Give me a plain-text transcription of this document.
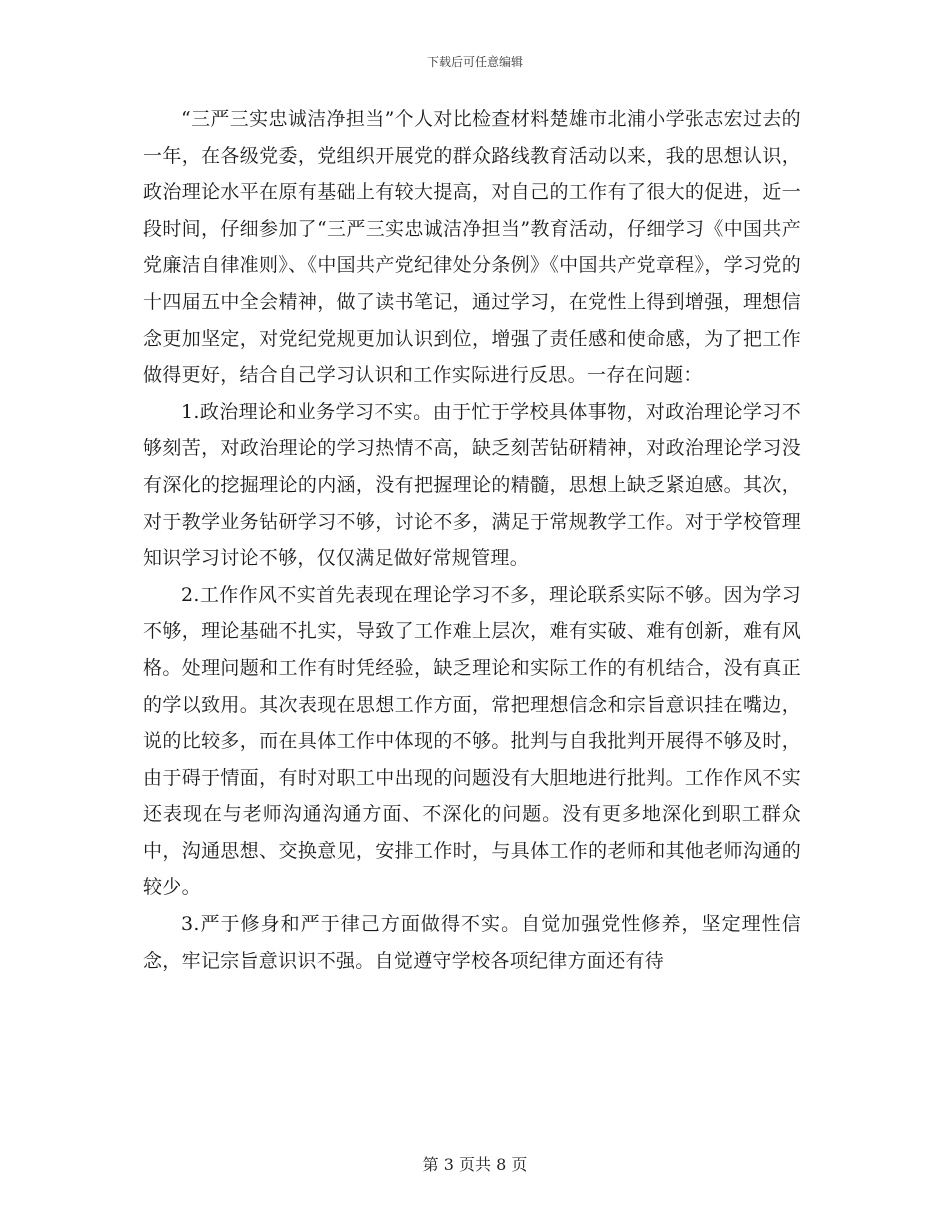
下载后可任意编辑

“三严三实忠诚洁净担当”个人对比检查材料楚雄市北浦小学张志宏过去的一年，在各级党委，党组织开展党的群众路线教育活动以来，我的思想认识，政治理论水平在原有基础上有较大提高，对自己的工作有了很大的促进，近一段时间，仔细参加了“三严三实忠诚洁净担当”教育活动，仔细学习《中国共产党廉洁自律准则》、《中国共产党纪律处分条例》《中国共产党章程》，学习党的十四届五中全会精神，做了读书笔记，通过学习，在党性上得到增强，理想信念更加坚定，对党纪党规更加认识到位，增强了责任感和使命感，为了把工作做得更好，结合自己学习认识和工作实际进行反思。一存在问题：

1.政治理论和业务学习不实。由于忙于学校具体事物，对政治理论学习不够刻苦，对政治理论的学习热情不高，缺乏刻苦钻研精神，对政治理论学习没有深化的挖掘理论的内涵，没有把握理论的精髓，思想上缺乏紧迫感。其次，对于教学业务钻研学习不够，讨论不多，满足于常规教学工作。对于学校管理知识学习讨论不够，仅仅满足做好常规管理。

2.工作作风不实首先表现在理论学习不多，理论联系实际不够。因为学习不够，理论基础不扎实，导致了工作难上层次，难有实破、难有创新，难有风格。处理问题和工作有时凭经验，缺乏理论和实际工作的有机结合，没有真正的学以致用。其次表现在思想工作方面，常把理想信念和宗旨意识挂在嘴边，说的比较多，而在具体工作中体现的不够。批判与自我批判开展得不够及时，由于碍于情面，有时对职工中出现的问题没有大胆地进行批判。工作作风不实还表现在与老师沟通沟通方面、不深化的问题。没有更多地深化到职工群众中，沟通思想、交换意见，安排工作时，与具体工作的老师和其他老师沟通的较少。

3.严于修身和严于律己方面做得不实。自觉加强党性修养，坚定理性信念，牢记宗旨意识识不强。自觉遵守学校各项纪律方面还有待

第 3 页共 8 页
